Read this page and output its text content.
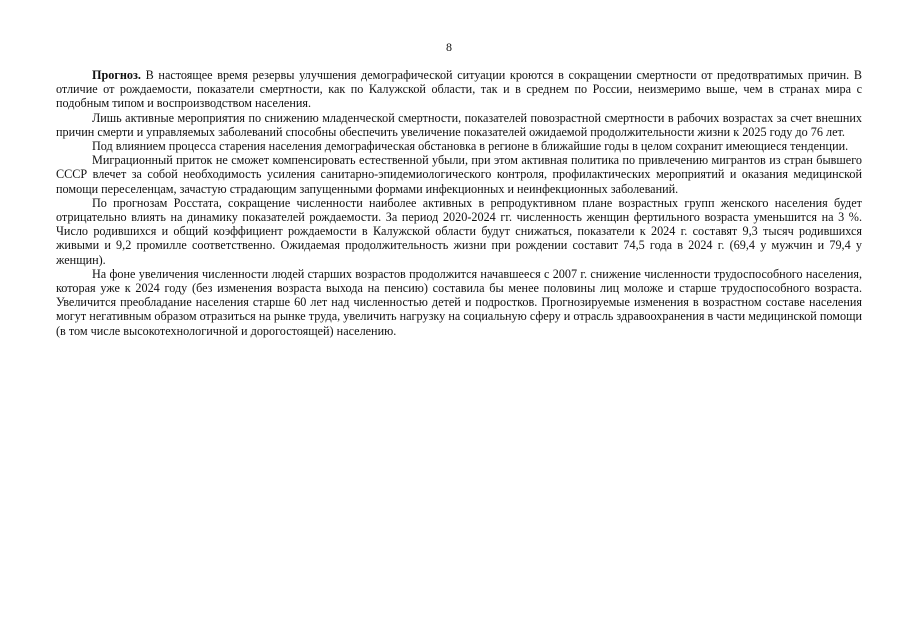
8

Прогноз. В настоящее время резервы улучшения демографической ситуации кроются в сокращении смертности от предотвратимых причин. В отличие от рождаемости, показатели смертности, как по Калужской области, так и в среднем по России, неизмеримо выше, чем в странах мира с подобным типом и воспроизводством населения.

Лишь активные мероприятия по снижению младенческой смертности, показателей повозрастной смертности в рабочих возрастах за счет внешних причин смерти и управляемых заболеваний способны обеспечить увеличение показателей ожидаемой продолжительности жизни к 2025 году до 76 лет.

Под влиянием процесса старения населения демографическая обстановка в регионе в ближайшие годы в целом сохранит имеющиеся тенденции.

Миграционный приток не сможет компенсировать естественной убыли, при этом активная политика по привлечению мигрантов из стран бывшего СССР влечет за собой необходимость усиления санитарно-эпидемиологического контроля, профилактических мероприятий и оказания медицинской помощи переселенцам, зачастую страдающим запущенными формами инфекционных и неинфекционных заболеваний.

По прогнозам Росстата, сокращение численности наиболее активных в репродуктивном плане возрастных групп женского населения будет отрицательно влиять на динамику показателей рождаемости. За период 2020-2024 гг. численность женщин фертильного возраста уменьшится на 3 %. Число родившихся и общий коэффициент рождаемости в Калужской области будут снижаться, показатели к 2024 г. составят 9,3 тысяч родившихся живыми и 9,2 промилле соответственно. Ожидаемая продолжительность жизни при рождении составит 74,5 года в 2024 г. (69,4 у мужчин и 79,4 у женщин).

На фоне увеличения численности людей старших возрастов продолжится начавшееся с 2007 г. снижение численности трудоспособного населения, которая уже к 2024 году (без изменения возраста выхода на пенсию) составила бы менее половины лиц моложе и старше трудоспособного возраста. Увеличится преобладание населения старше 60 лет над численностью детей и подростков. Прогнозируемые изменения в возрастном составе населения могут негативным образом отразиться на рынке труда, увеличить нагрузку на социальную сферу и отрасль здравоохранения в части медицинской помощи (в том числе высокотехнологичной и дорогостоящей) населению.
